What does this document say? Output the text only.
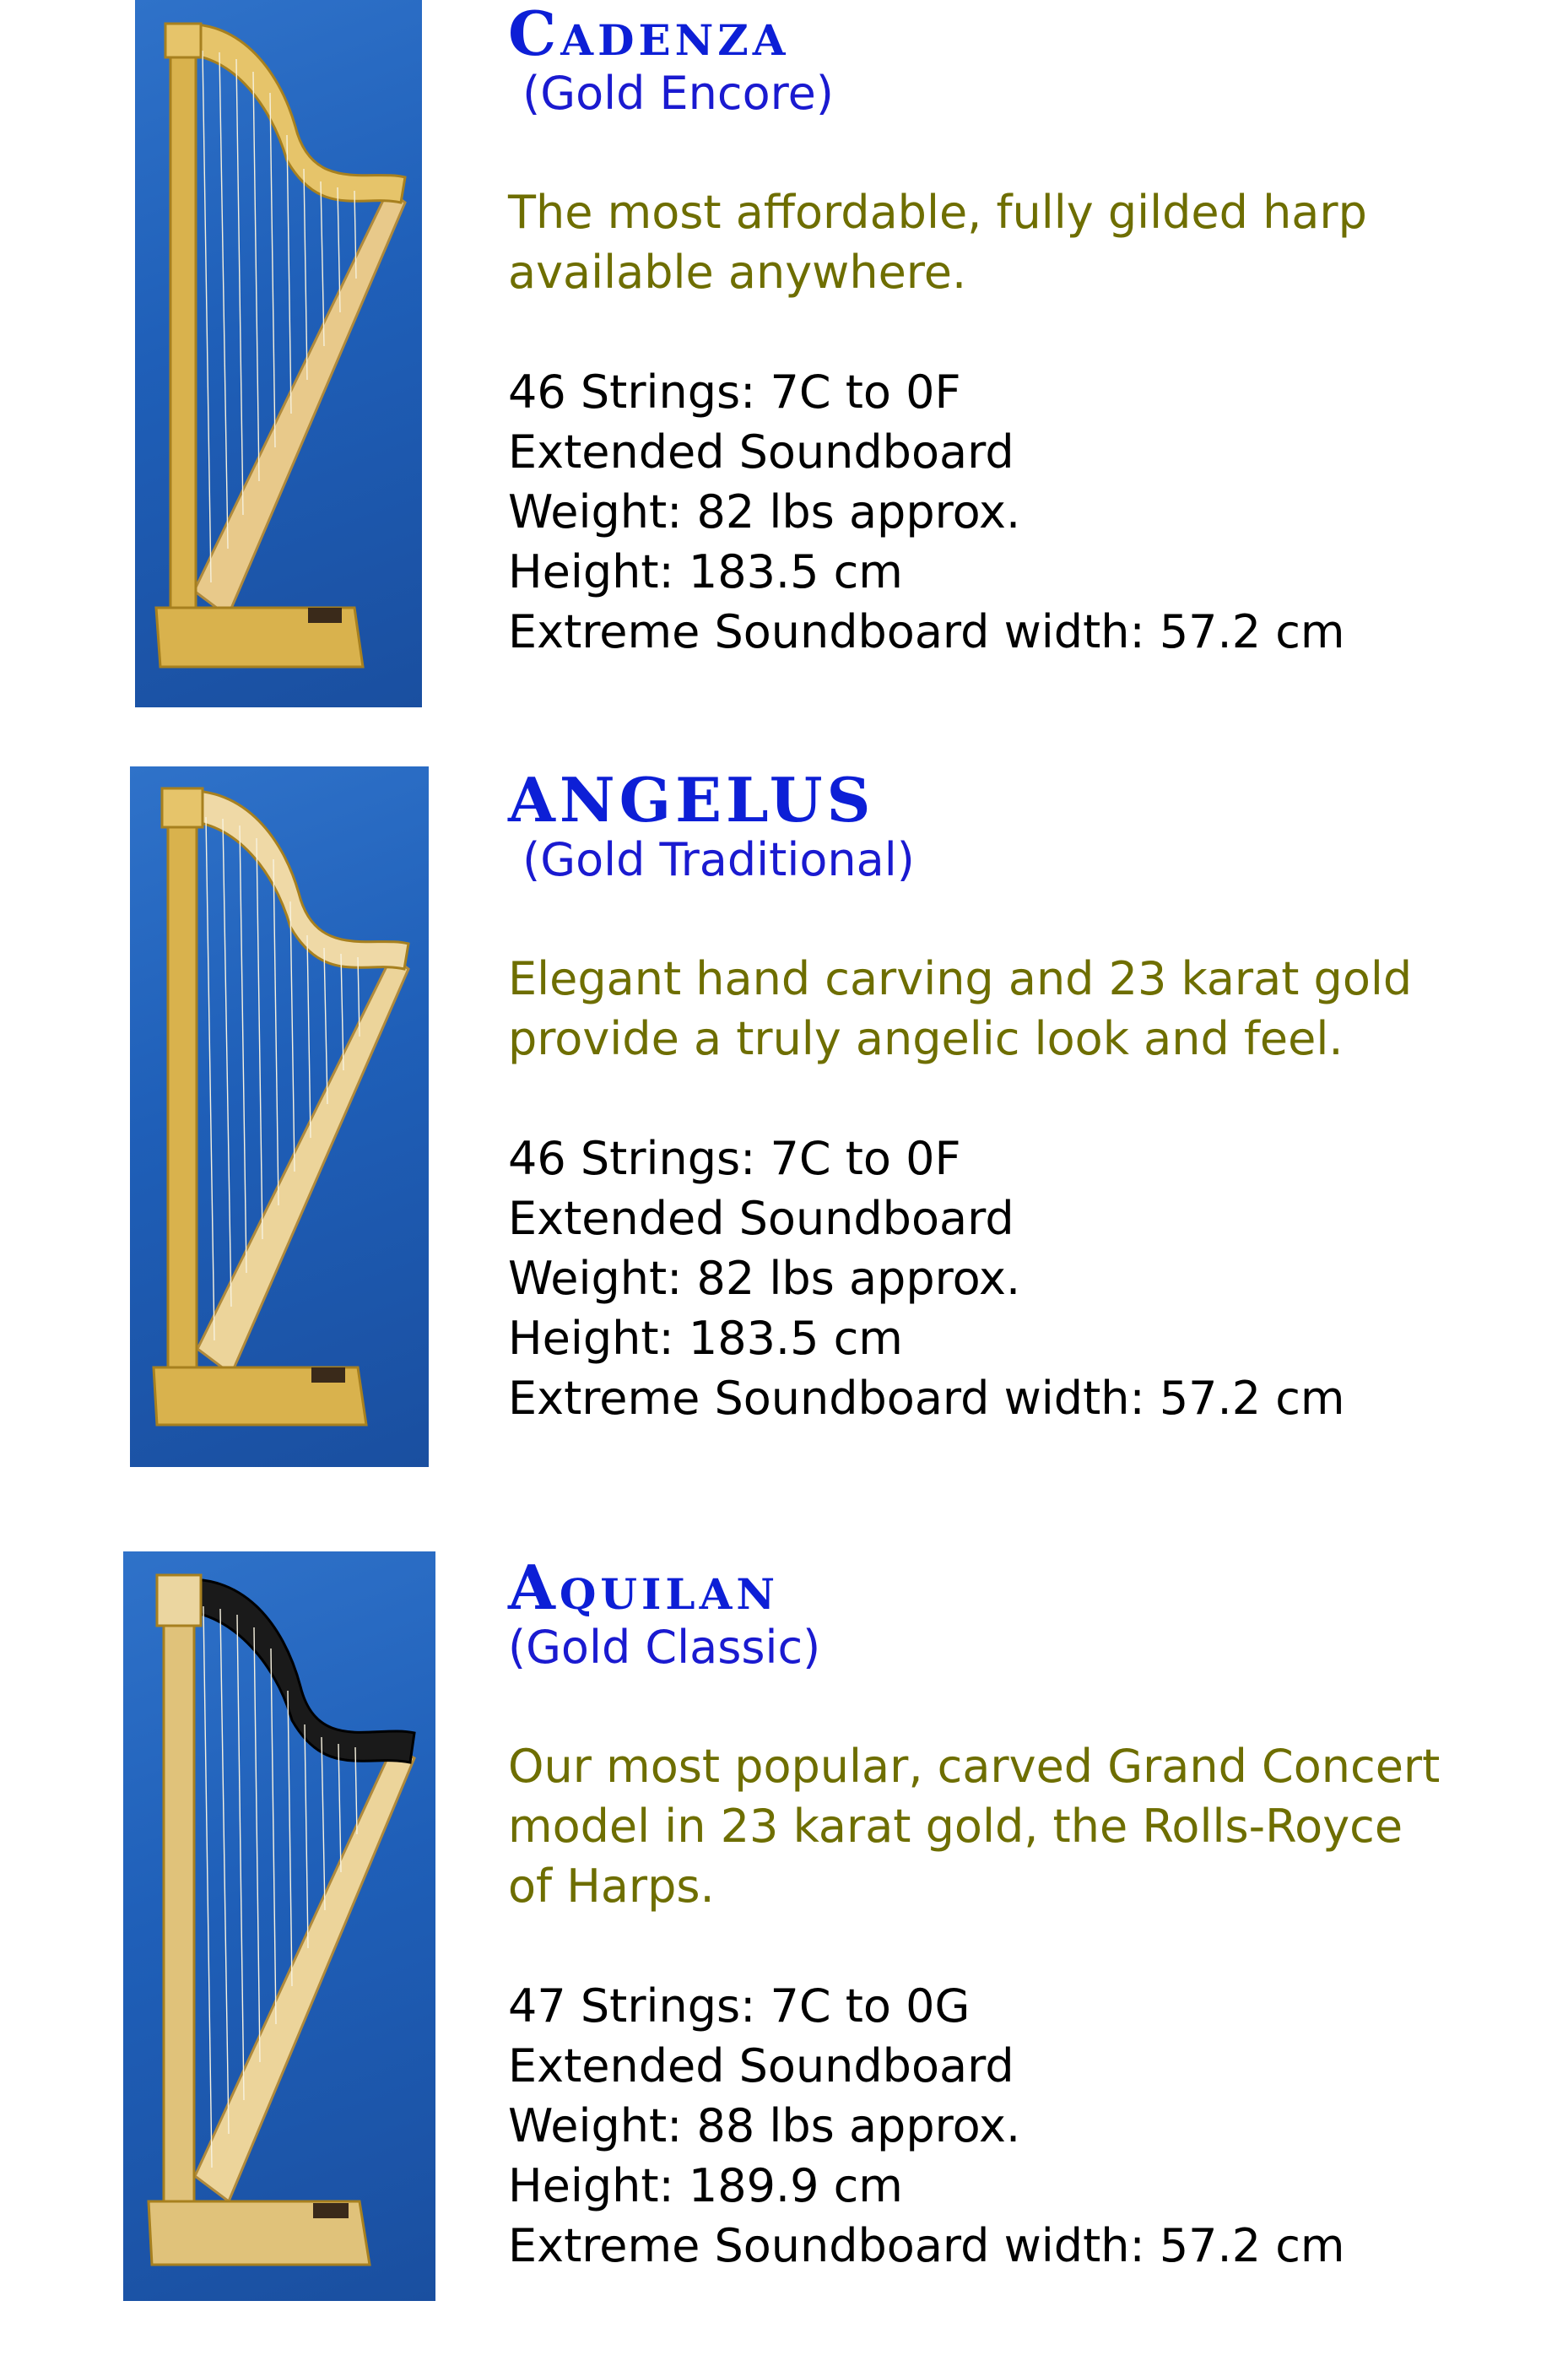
Cadenza

(Gold Encore)

The most affordable, fully gilded harp
available anywhere.

46 Strings: 7C to 0F

Extended Soundboard

Weight: 82 lbs approx.

Height: 183.5 cm

Extreme Soundboard width: 57.2 cm

ANGELUS

(Gold Traditional)

Elegant hand carving and 23 karat gold
provide a truly angelic look and feel.

46 Strings: 7C to 0F

Extended Soundboard

Weight: 82 lbs approx.

Height: 183.5 cm

Extreme Soundboard width: 57.2 cm

Aquilan

(Gold Classic)

Our most popular, carved Grand Concert
model in 23 karat gold, the Rolls-Royce
of Harps.

47 Strings: 7C to 0G

Extended Soundboard

Weight: 88 lbs approx.

Height: 189.9 cm

Extreme Soundboard width: 57.2 cm
